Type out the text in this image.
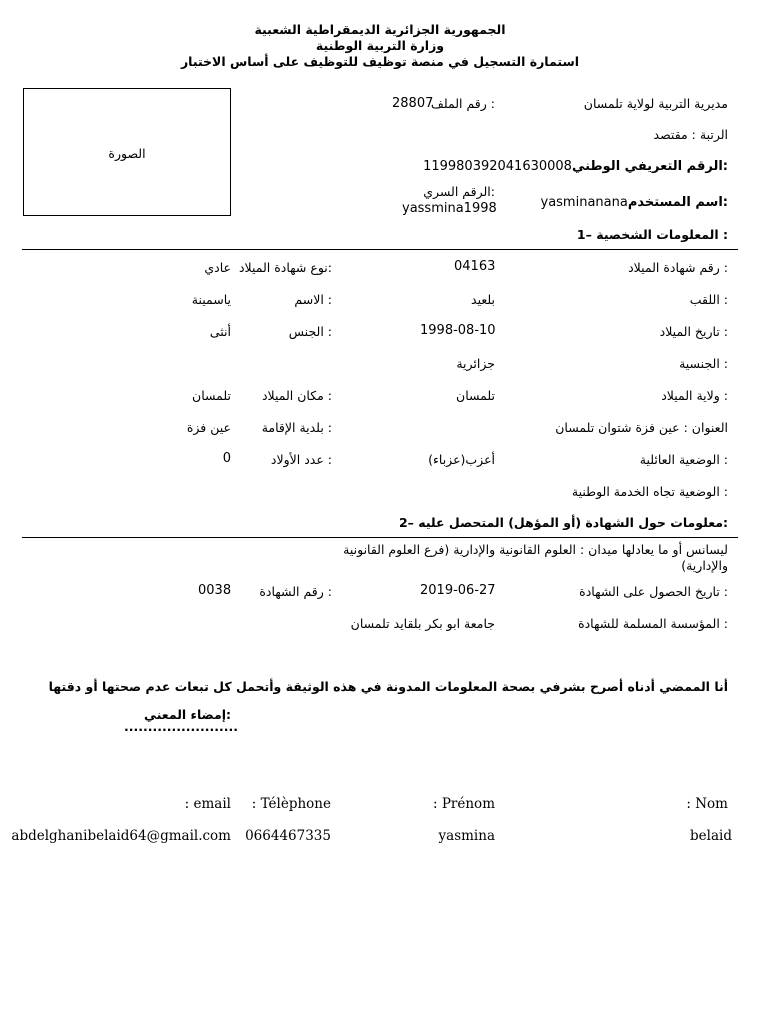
الجمهورية الجزائرية الديمقراطية الشعبية
وزارة التربية الوطنية
استمارة التسجيل في منصة توظيف للتوظيف على أساس الاختبار
الصورة
مديرية التربية لولاية تلمسان
28807
رقم الملف :
الرتبة : مقتصد
119980392041630008الرقم التعريفي الوطني:
yasminananaاسم المستخدم:
الرقم السري:
yassmina1998
1– المعلومات الشخصية :
رقم شهادة الميلاد :
04163
نوع شهادة الميلاد:
عادي
اللقب :
بلعيد
الاسم :
ياسمينة
تاريخ الميلاد :
1998-08-10
الجنس :
أنثى
الجنسية :
جزائرية
ولاية الميلاد :
تلمسان
مكان الميلاد :
تلمسان
العنوان : عين فزة شتوان تلمسان
بلدية الإقامة :
عين فزة
الوضعية العائلية :
أعزب(عزباء)
عدد الأولاد :
0
الوضعية تجاه الخدمة الوطنية :
2– معلومات حول الشهادة (أو المؤهل) المتحصل عليه:
ليسانس أو ما يعادلها ميدان : العلوم القانونية والإدارية (فرع العلوم القانونية والإدارية)
تاريخ الحصول على الشهادة :
2019-06-27
رقم الشهادة :
0038
المؤسسة المسلمة للشهادة :
جامعة ابو بكر بلقايد تلمسان
أنا الممضي أدناه أصرح بشرفي بصحة المعلومات المدونة في هذه الوثيقة وأتحمل كل تبعات عدم صحتها أو دقتها
إمضاء المعني:
........................
: Nom
: Prénom
: Télèphone
: email
belaid
yasmina
0664467335
abdelghanibelaid64@gmail.com
